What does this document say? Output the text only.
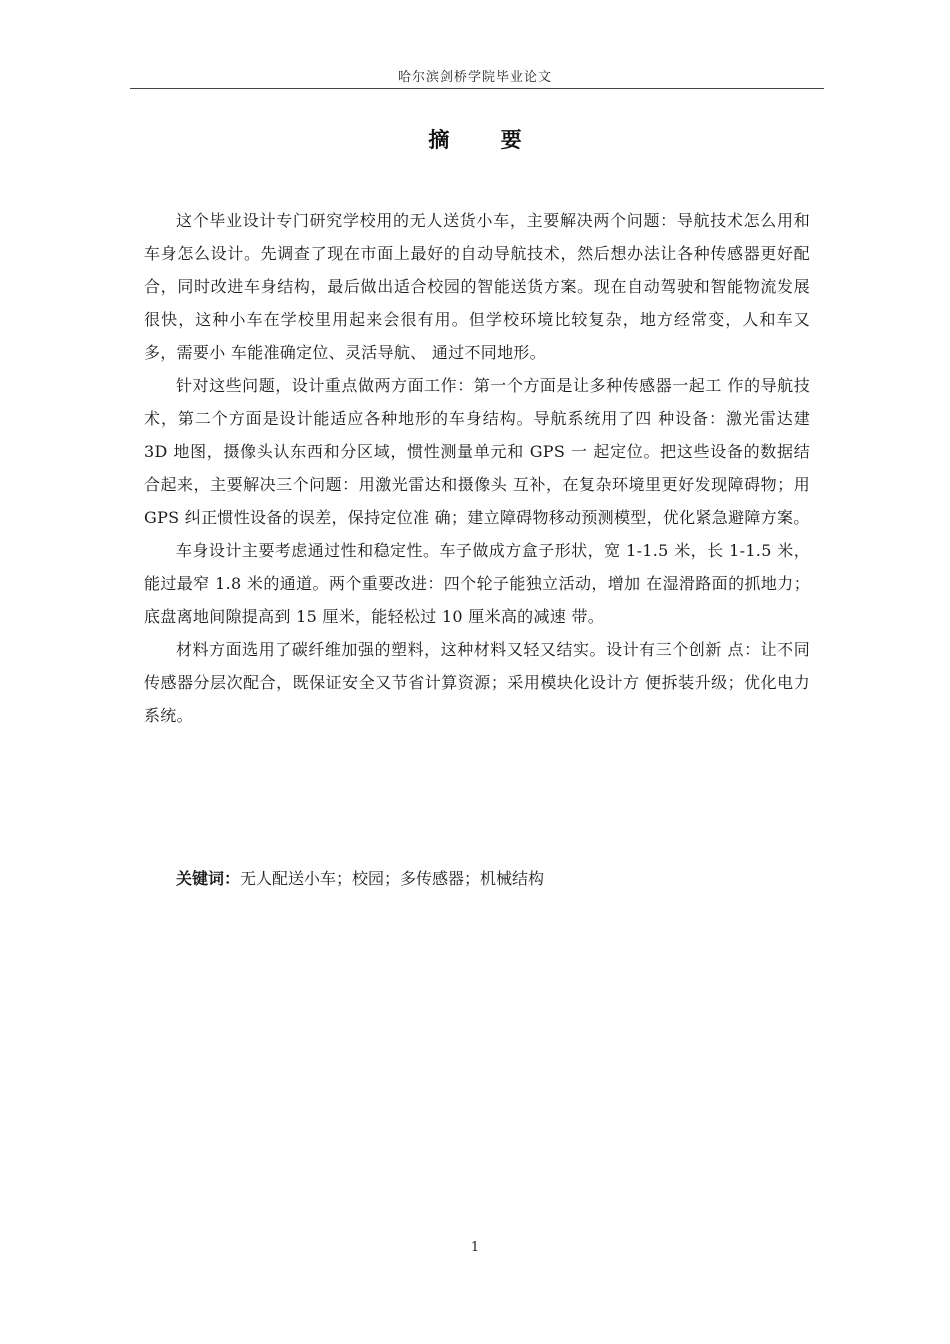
哈尔滨剑桥学院毕业论文
摘 要

这个毕业设计专门研究学校用的无人送货小车，主要解决两个问题：导航技术怎么用和车身怎么设计。先调查了现在市面上最好的自动导航技术，然后想办法让各种传感器更好配合，同时改进车身结构，最后做出适合校园的智能送货方案。现在自动驾驶和智能物流发展很快，这种小车在学校里用起来会很有用。但学校环境比较复杂，地方经常变，人和车又多，需要小 车能准确定位、灵活导航、 通过不同地形。

针对这些问题，设计重点做两方面工作：第一个方面是让多种传感器一起工 作的导航技术，第二个方面是设计能适应各种地形的车身结构。导航系统用了四 种设备：激光雷达建 3D 地图，摄像头认东西和分区域，惯性测量单元和 GPS 一 起定位。把这些设备的数据结合起来，主要解决三个问题：用激光雷达和摄像头 互补，在复杂环境里更好发现障碍物；用 GPS 纠正惯性设备的误差，保持定位准 确；建立障碍物移动预测模型，优化紧急避障方案。

车身设计主要考虑通过性和稳定性。车子做成方盒子形状，宽 1-1.5 米，长 1-1.5 米，能过最窄 1.8 米的通道。两个重要改进：四个轮子能独立活动，增加 在湿滑路面的抓地力；底盘离地间隙提高到 15 厘米，能轻松过 10 厘米高的减速 带。

材料方面选用了碳纤维加强的塑料，这种材料又轻又结实。设计有三个创新 点：让不同传感器分层次配合，既保证安全又节省计算资源；采用模块化设计方 便拆装升级；优化电力系统。

关键词：无人配送小车；校园；多传感器；机械结构
1
